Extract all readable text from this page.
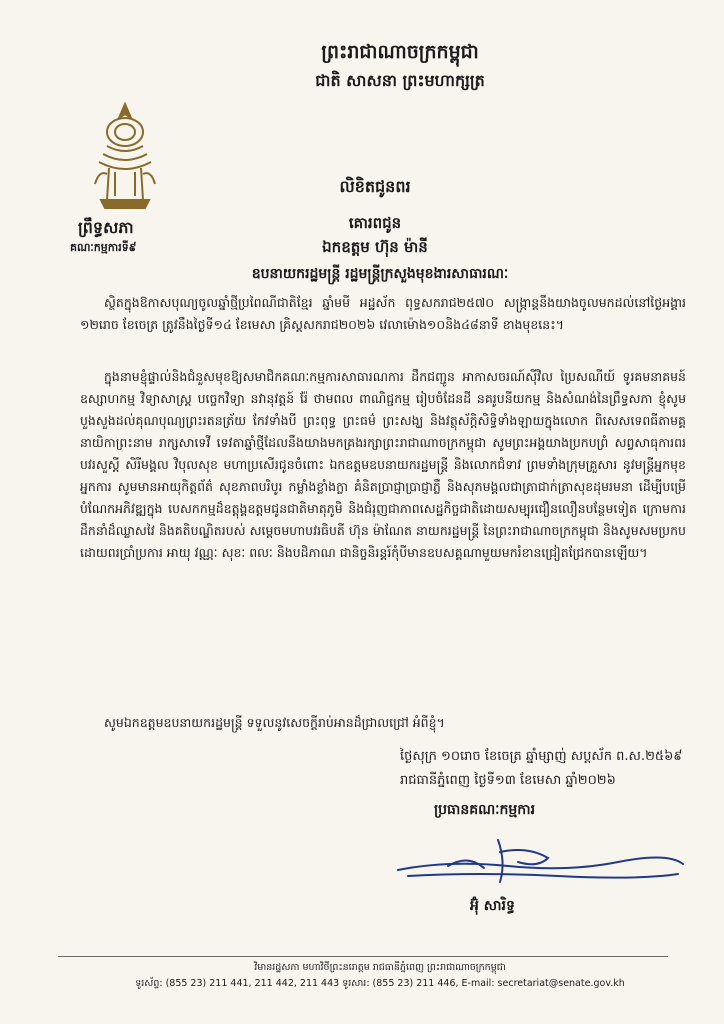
ព្រះរាជាណាចក្រកម្ពុជា
ជាតិ សាសនា ព្រះមហាក្សត្រ
ព្រឹទ្ធសភា
គណៈកម្មការទី៩
លិខិតជូនពរ
គោរពជូន
ឯកឧត្តម ហ៊ុន ម៉ានី
ឧបនាយករដ្ឋមន្ត្រី រដ្ឋមន្ត្រីក្រសួងមុខងារសាធារណៈ
ស្ថិតក្នុងឱកាសបុណ្យចូលឆ្នាំថ្មីប្រពៃណីជាតិខ្មែរ ឆ្នាំមមី អដ្ឋស័ក ពុទ្ធសករាជ២៥៧០ សង្ក្រាន្តនឹងយាងចូលមកដល់នៅថ្ងៃអង្គារ ១២រោច ខែចេត្រ ត្រូវនឹងថ្ងៃទី១៤ ខែមេសា គ្រិស្តសករាជ២០២៦ វេលាម៉ោង១០និង៤៨នាទី ខាងមុខនេះ។
ក្នុងនាមខ្ញុំផ្ទាល់និងជំនួសមុខឱ្យសមាជិកគណៈកម្មការសាធារណការ ដឹកជញ្ជូន អាកាសចរណ៍ស៊ីវិល ប្រៃសណីយ៍ ទូរគមនាគមន៍ ឧស្សាហកម្ម វិទ្យាសាស្ត្រ បច្ចេកវិទ្យា នវានុវត្តន៍ រ៉ែ ថាមពល ពាណិជ្ជកម្ម រៀបចំដែនដី នគរូបនីយកម្ម និងសំណង់នៃព្រឹទ្ធសភា ខ្ញុំសូមបួងសួងដល់គុណបុណ្យព្រះរតនត្រ័យ កែវទាំងបី ព្រះពុទ្ធ ព្រះធម៌ ព្រះសង្ឃ និងវត្ថុស័ក្តិសិទ្ធិទាំងឡាយក្នុងលោក ពិសេសទេពធីតាមគ្គនាយិកាព្រះនាម រាក្សសាទេវី ទេវតាឆ្នាំថ្មីដែលនឹងយាងមកគ្រងរក្សាព្រះរាជាណាចក្រកម្ពុជា សូមព្រះអង្គយាងប្រកបព្រំ សព្វសាធុការពរ បវរសួស្តី សិរីមង្គល វិបុលសុខ មហាប្រសើរជូនចំពោះ ឯកឧត្តមឧបនាយករដ្ឋមន្ត្រី និងលោកជំទាវ ព្រមទាំងក្រុមគ្រួសារ នូវមន្ត្រីអ្នកមុខអ្នកការ សូមមានអាយុកិត្តព័ត៌ សុខភាពបរិបូរ កម្លាំងខ្លាំងក្លា គំនិតប្រាជ្ញាប្រាជ្ញាភ្លឺ និងសុភមង្គលជាត្រាជាក់ត្រាសុខដុមរមនា ដើម្បីបម្រើបំណែកអភិវឌ្ឍក្នុង បេសកកម្មដ៏ឧត្តុង្គឧត្តមជូនជាតិមាតុភូមិ និងជំរុញជាភាពសេដ្ឋកិច្ចជាតិដោយសម្បុរជឿនលឿនបន្ថែមទៀត ក្រោមការដឹកនាំដ៏ឈ្លាសវៃ និងគតិបណ្ឌិតរបស់ សម្តេចមហាបវរធិបតី ហ៊ុន ម៉ាណែត នាយករដ្ឋមន្ត្រី នៃព្រះរាជាណាចក្រកម្ពុជា និងសូមសមប្រកបដោយពរប្រាំប្រការ អាយុ វណ្ណៈ សុខៈ ពលៈ និងបដិភាណ ជានិច្ចនិរន្តរ៍កុំបីមានឧបសគ្គណាមួយមករំខានជ្រៀតជ្រែកបានឡើយ។
សូមឯកឧត្តមឧបនាយករដ្ឋមន្ត្រី ទទួលនូវសេចក្តីរាប់អានដ៏ជ្រាលជ្រៅ អំពីខ្ញុំ។
ថ្ងៃសុក្រ ១០រោច ខែចេត្រ ឆ្នាំម្សាញ់ សប្តស័ក ព.ស.២៥៦៩
រាជធានីភ្នំពេញ ថ្ងៃទី១៣ ខែមេសា ឆ្នាំ២០២៦
ប្រធានគណៈកម្មការ
អ៊ុំ សារិទ្ធ
វិមានរដ្ឋសភា មហាវិថីព្រះនរោត្តម រាជធានីភ្នំពេញ ព្រះរាជាណាចក្រកម្ពុជា
ទូរស័ព្ទ: (855 23) 211 441, 211 442, 211 443 ទូរសារ: (855 23) 211 446, E-mail: secretariat@senate.gov.kh
